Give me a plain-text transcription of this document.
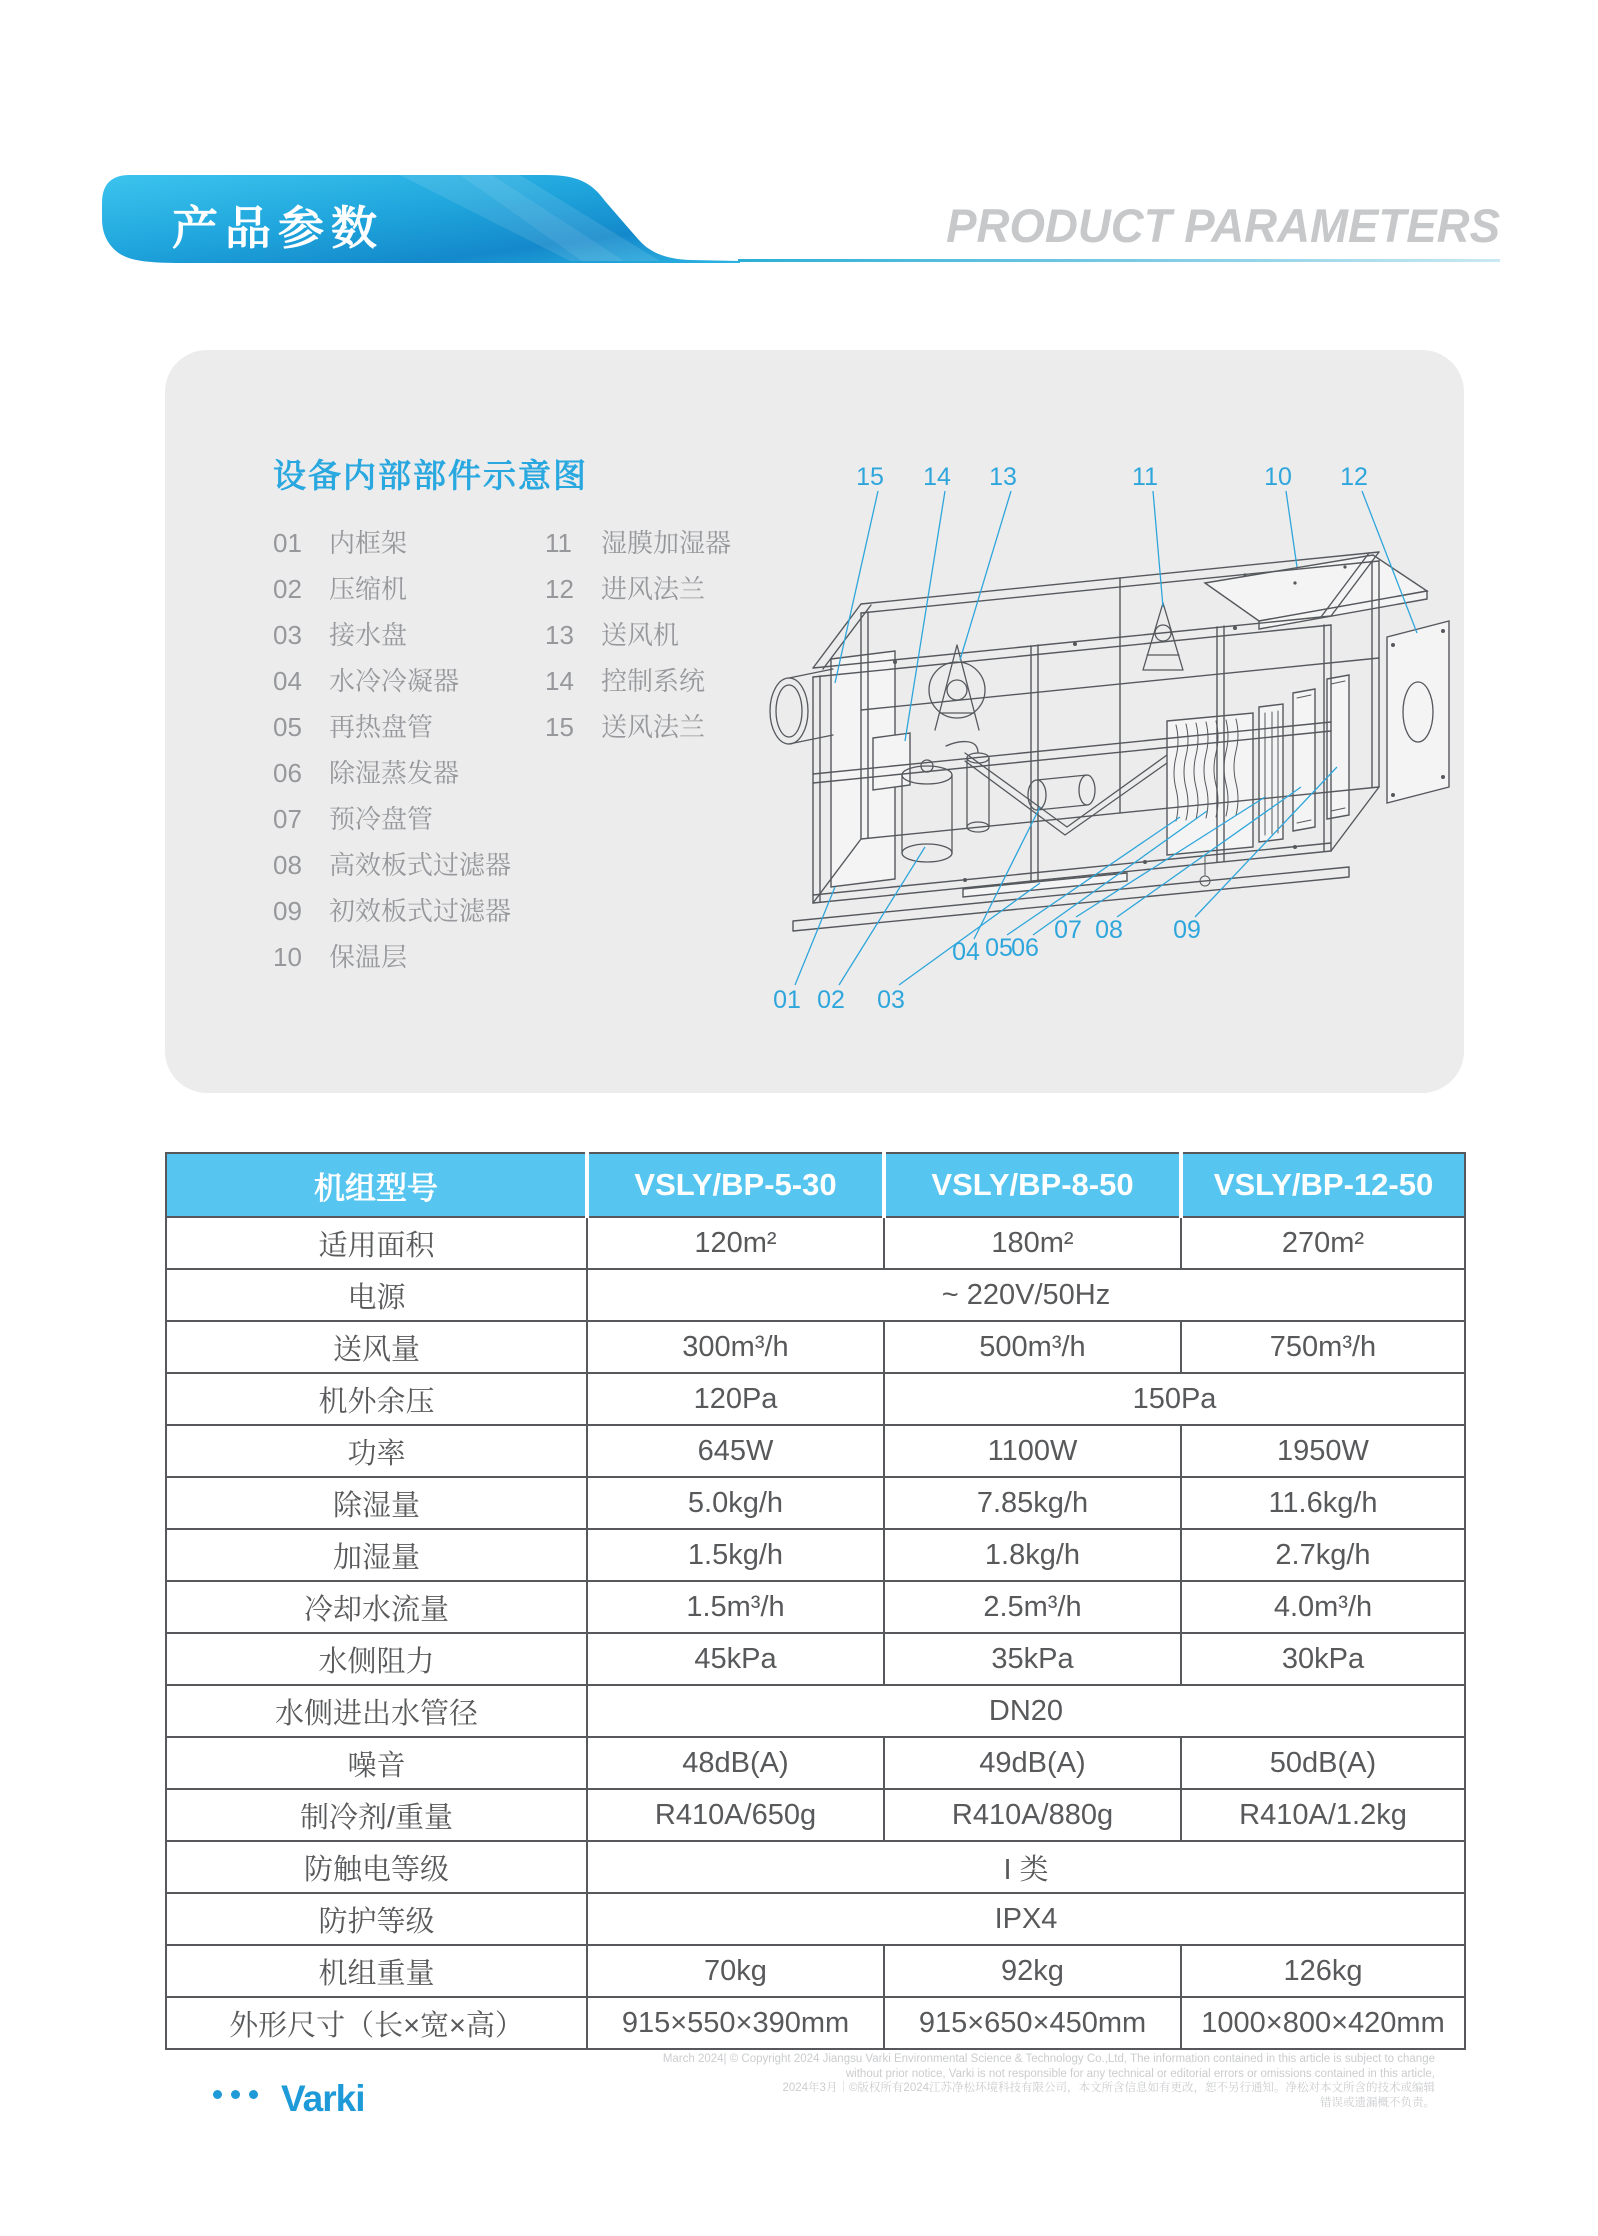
产品参数	PRODUCT PARAMETERS
设备内部部件示意图
01	内框架
02	压缩机
03	接水盘
04	水冷冷凝器
05	再热盘管
06	除湿蒸发器
07	预冷盘管
08	高效板式过滤器
09	初效板式过滤器
10	保温层
11	湿膜加湿器
12	进风法兰
13	送风机
14	控制系统
15	送风法兰
15 14 13	11	10 12
01 02 03
04 05
06
07 08 09
机组型号	VSLY/BP-5-30	VSLY/BP-8-50	VSLY/BP-12-50
适用面积	120m²	180m²	270m²
电源	~ 220V/50Hz		
送风量	300m³/h	500m³/h	750m³/h
机外余压	120Pa	150Pa	
功率	645W	1100W	1950W
除湿量	5.0kg/h	7.85kg/h	11.6kg/h
加湿量	1.5kg/h	1.8kg/h	2.7kg/h
冷却水流量	1.5m³/h	2.5m³/h	4.0m³/h
水侧阻力	45kPa	35kPa	30kPa
水侧进出水管径	DN20		
噪音	48dB(A)	49dB(A)	50dB(A)
制冷剂/重量	R410A/650g	R410A/880g	R410A/1.2kg
防触电等级	I 类		
防护等级	IPX4		
机组重量	70kg	92kg	126kg
外形尺寸（长×宽×高）	915×550×390mm	915×650×450mm	1000×800×420mm
Varki
March 2024| © Copyright 2024 Jiangsu Varki Environmental Science & Technology Co.,Ltd, The information contained in this article is subject to change
without prior notice, Varki is not responsible for any technical or editorial errors or omissions contained in this article,
2024年3月｜©版权所有2024江苏净松环境科技有限公司，本文所含信息如有更改，恕不另行通知。净松对本文所含的技术或编辑
错误或遗漏概不负责。
